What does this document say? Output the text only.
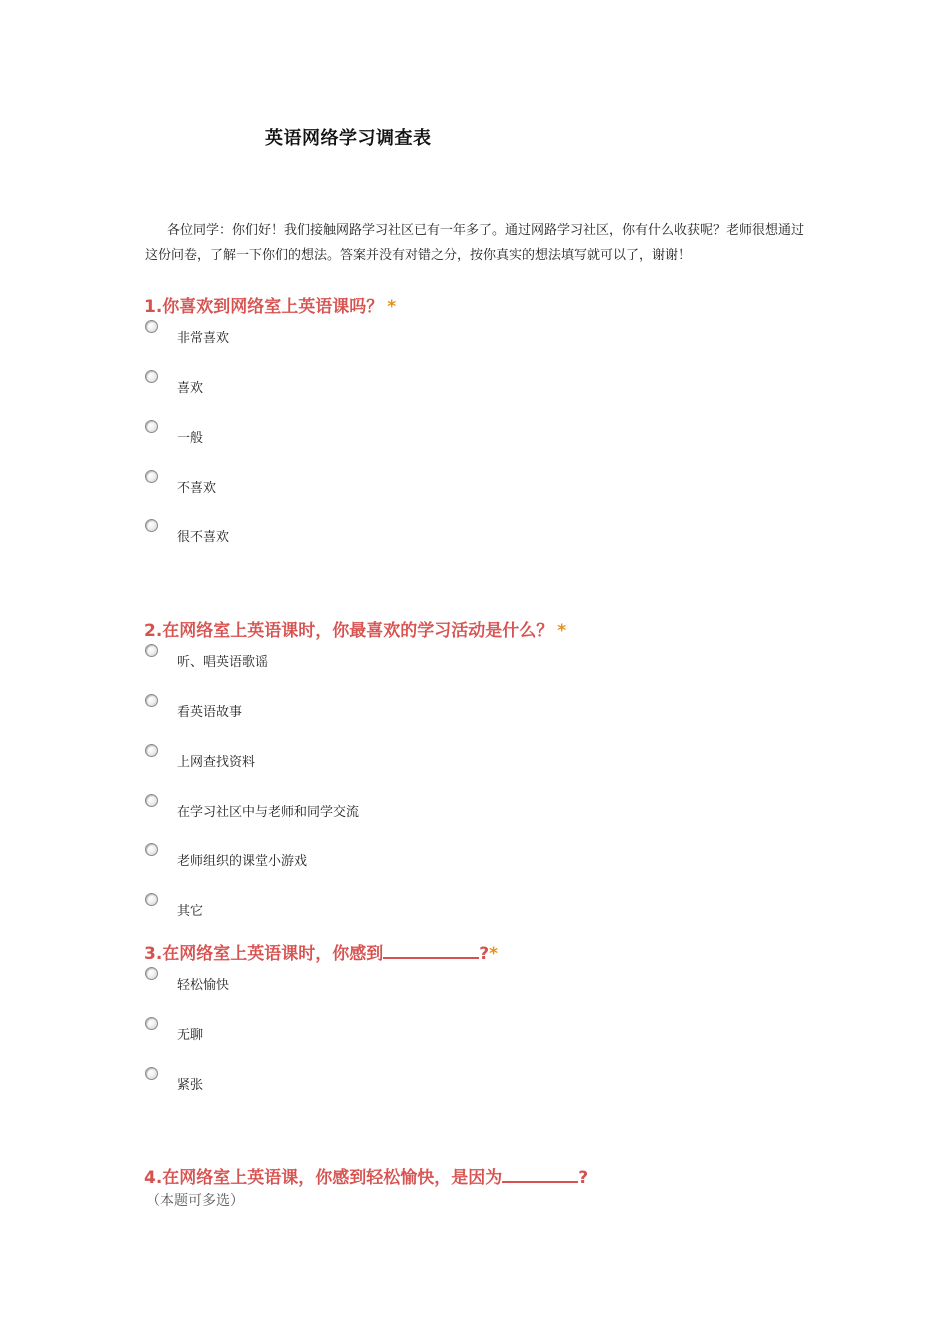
英语网络学习调查表
各位同学：你们好！我们接触网路学习社区已有一年多了。通过网路学习社区，你有什么收获呢？老师很想通过这份问卷，了解一下你们的想法。答案并没有对错之分，按你真实的想法填写就可以了，谢谢！
1.你喜欢到网络室上英语课吗？ *
非常喜欢
喜欢
一般
不喜欢
很不喜欢
2.在网络室上英语课时，你最喜欢的学习活动是什么？ *
听、唱英语歌谣
看英语故事
上网查找资料
在学习社区中与老师和同学交流
老师组织的课堂小游戏
其它
3.在网络室上英语课时，你感到	?*
轻松愉快
无聊
紧张
4.在网络室上英语课，你感到轻松愉快，是因为	?
（本题可多选）
